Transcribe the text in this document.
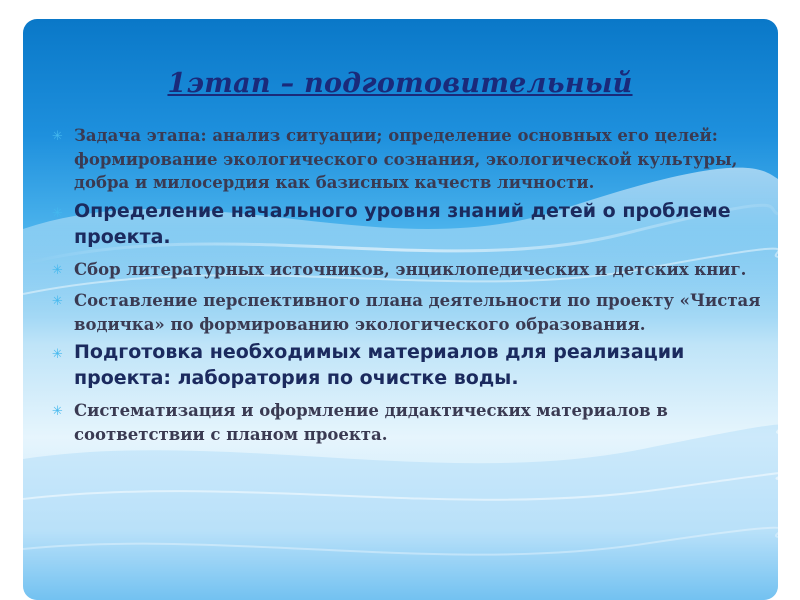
1этап – подготовительный
✳ Задача этапа: анализ ситуации; определение основных его целей: формирование экологического сознания, экологической культуры, добра и милосердия как базисных качеств личности.
✳ Определение начального уровня знаний детей о проблеме проекта.
✳ Сбор литературных источников, энциклопедических и детских книг.
✳ Составление перспективного плана деятельности по проекту «Чистая водичка» по формированию экологического образования.
✳ Подготовка необходимых материалов для реализации проекта: лаборатория по очистке воды.
✳ Систематизация и оформление дидактических материалов в соответствии с планом проекта.
